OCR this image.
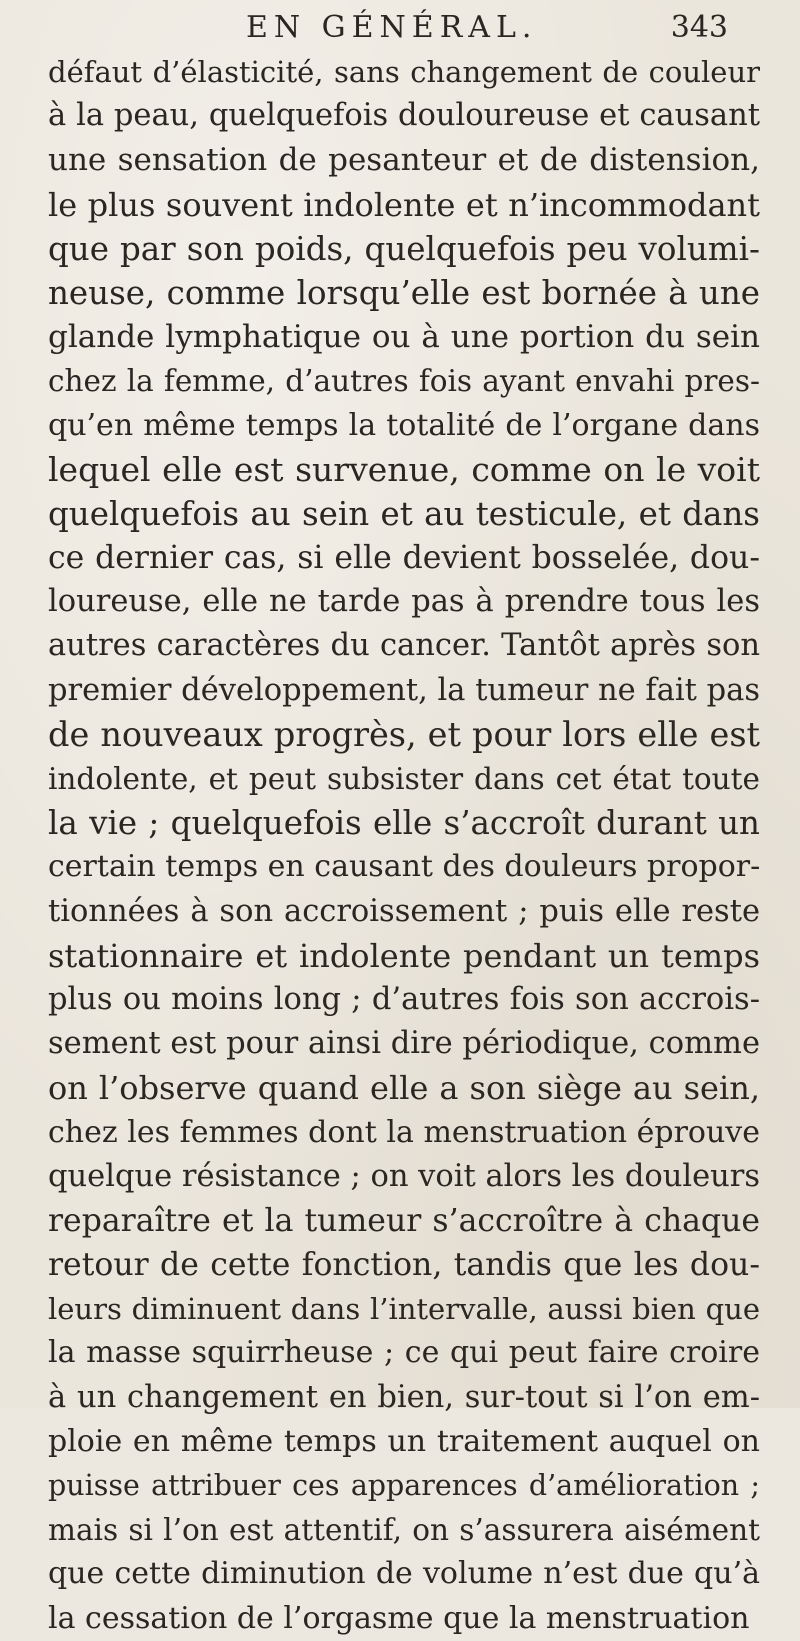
EN GÉNÉRAL.	343
défaut d’élasticité, sans changement de couleur
à la peau, quelquefois douloureuse et causant
une sensation de pesanteur et de distension,
le plus souvent indolente et n’incommodant
que par son poids, quelquefois peu volumi-
neuse, comme lorsqu’elle est bornée à une
glande lymphatique ou à une portion du sein
chez la femme, d’autres fois ayant envahi pres-
qu’en même temps la totalité de l’organe dans
lequel elle est survenue, comme on le voit
quelquefois au sein et au testicule, et dans
ce dernier cas, si elle devient bosselée, dou-
loureuse, elle ne tarde pas à prendre tous les
autres caractères du cancer. Tantôt après son
premier développement, la tumeur ne fait pas
de nouveaux progrès, et pour lors elle est
indolente, et peut subsister dans cet état toute
la vie ; quelquefois elle s’accroît durant un
certain temps en causant des douleurs propor-
tionnées à son accroissement ; puis elle reste
stationnaire et indolente pendant un temps
plus ou moins long ; d’autres fois son accrois-
sement est pour ainsi dire périodique, comme
on l’observe quand elle a son siège au sein,
chez les femmes dont la menstruation éprouve
quelque résistance ; on voit alors les douleurs
reparaître et la tumeur s’accroître à chaque
retour de cette fonction, tandis que les dou-
leurs diminuent dans l’intervalle, aussi bien que
la masse squirrheuse ; ce qui peut faire croire
à un changement en bien, sur-tout si l’on em-
ploie en même temps un traitement auquel on
puisse attribuer ces apparences d’amélioration ;
mais si l’on est attentif, on s’assurera aisément
que cette diminution de volume n’est due qu’à
la cessation de l’orgasme que la menstruation
